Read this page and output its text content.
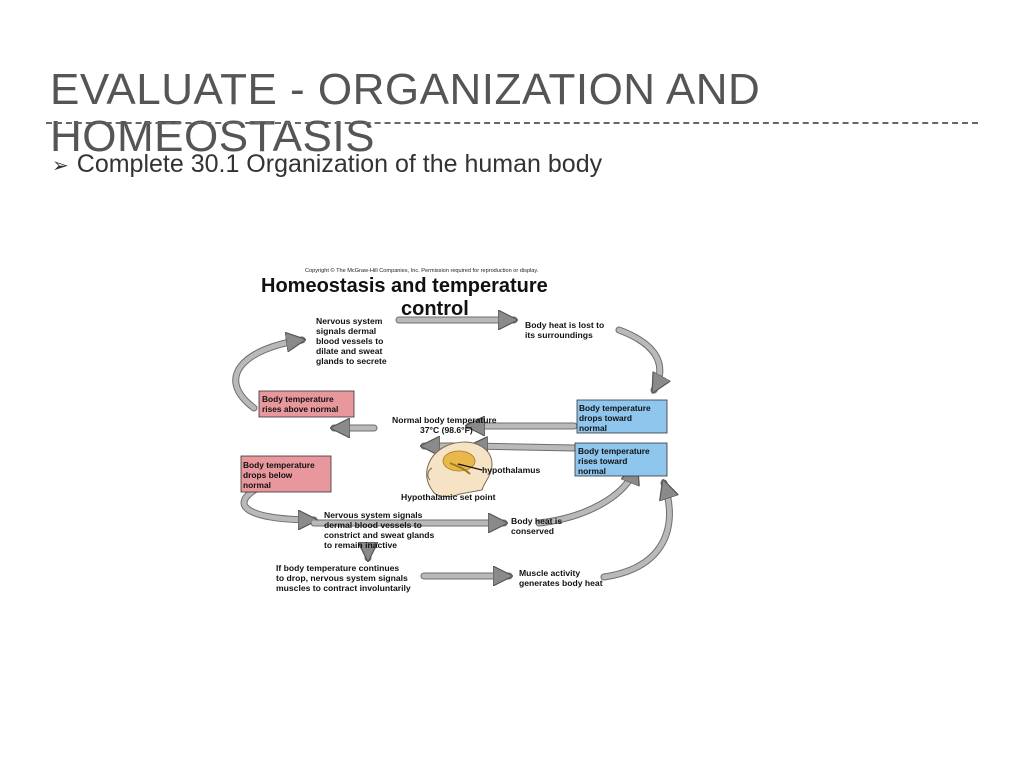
EVALUATE - ORGANIZATION AND HOMEOSTASIS
➢ Complete 30.1 Organization of the human body
Copyright © The McGraw-Hill Companies, Inc. Permission required for reproduction or display.
Homeostasis and temperature
control
Nervous system signals dermal blood vessels to dilate and sweat glands to secrete
Body heat is lost to its surroundings
Body temperature rises above normal	Body temperature drops toward normal
Normal body temperature 37°C (98.6°F)
Body temperature rises toward normal
Body temperature drops below normal
hypothalamus
Hypothalamic set point
Nervous system signals dermal blood vessels to constrict and sweat glands to remain inactive
Body heat is conserved
If body temperature continues to drop, nervous system signals muscles to contract involuntarily
Muscle activity generates body heat
